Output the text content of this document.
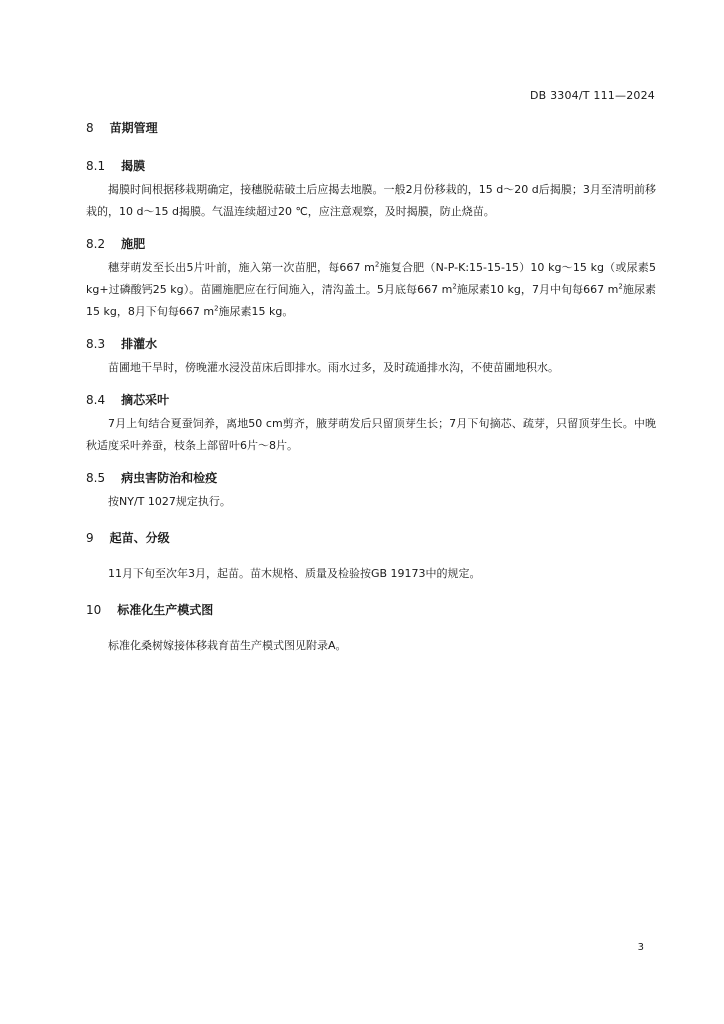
DB 3304/T 111—2024
8 苗期管理
8.1 揭膜

揭膜时间根据移栽期确定，接穗脱萜破土后应揭去地膜。一般2月份移栽的，15 d～20 d后揭膜；3月至清明前移栽的，10 d～15 d揭膜。气温连续超过20 ℃，应注意观察，及时揭膜，防止烧苗。

8.2 施肥

穗芽萌发至长出5片叶前，施入第一次苗肥，每667 $m^2$施复合肥（N-P-K:15-15-15）10 kg～15 kg（或尿素5 kg+过磷酸钙25 kg）。苗圃施肥应在行间施入，清沟盖土。5月底每667 $m^2$施尿素10 kg，7月中旬每667 $m^2$施尿素15 kg，8月下旬每667 $m^2$施尿素15 kg。

8.3 排灌水

苗圃地干旱时，傍晚灌水浸没苗床后即排水。雨水过多，及时疏通排水沟，不使苗圃地积水。

8.4 摘芯采叶

7月上旬结合夏蚕饲养，离地50 cm剪齐，腋芽萌发后只留顶芽生长；7月下旬摘芯、疏芽，只留顶芽生长。中晚秋适度采叶养蚕，枝条上部留叶6片～8片。

8.5 病虫害防治和检疫

按NY/T 1027规定执行。

9 起苗、分级

11月下旬至次年3月，起苗。苗木规格、质量及检验按GB 19173中的规定。

10 标准化生产模式图

标准化桑树嫁接体移栽育苗生产模式图见附录A。

3
